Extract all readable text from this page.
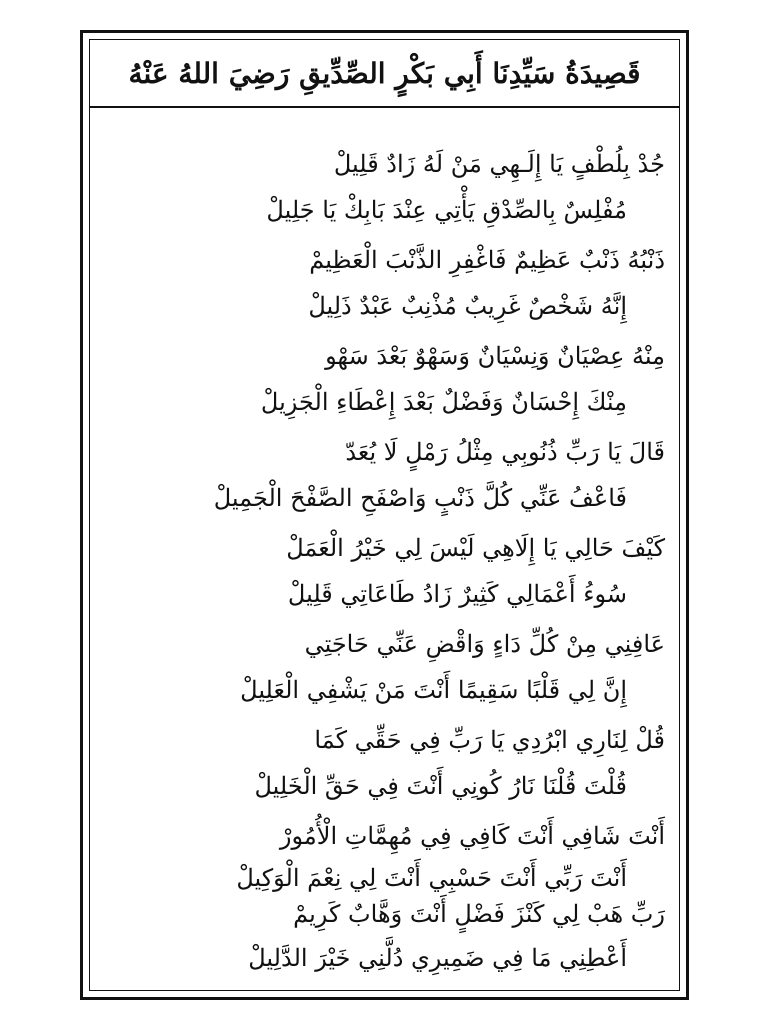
قَصِيدَةُ سَيِّدِنَا أَبِي بَكْرٍ الصِّدِّيقِ رَضِيَ اللهُ عَنْهُ
جُدْ بِلُطْفٍ يَا إِلَـهِي مَنْ لَهُ زَادٌ قَلِيلْ
مُفْلِسٌ بِالصِّدْقِ يَأْتِي عِنْدَ بَابِكْ يَا جَلِيلْ
ذَنْبُهُ ذَنْبٌ عَظِيمٌ فَاغْفِرِ الذَّنْبَ الْعَظِيمْ
إِنَّهُ شَخْصٌ غَرِيبٌ مُذْنِبٌ عَبْدٌ ذَلِيلْ
مِنْهُ عِصْيَانٌ وَنِسْيَانٌ وَسَهْوٌ بَعْدَ سَهْو
مِنْكَ إِحْسَانٌ وَفَضْلٌ بَعْدَ إِعْطَاءِ الْجَزِيلْ
قَالَ يَا رَبِّ ذُنُوبِي مِثْلُ رَمْلٍ لَا يُعَدّ
فَاعْفُ عَنِّي كُلَّ ذَنْبٍ وَاصْفَحِ الصَّفْحَ الْجَمِيلْ
كَيْفَ حَالِي يَا إِلَاهِي لَيْسَ لِي خَيْرُ الْعَمَلْ
سُوءُ أَعْمَالِي كَثِيرٌ زَادُ طَاعَاتِي قَلِيلْ
عَافِنِي مِنْ كُلِّ دَاءٍ وَاقْضِ عَنِّي حَاجَتِي
إِنَّ لِي قَلْبًا سَقِيمًا أَنْتَ مَنْ يَشْفِي الْعَلِيلْ
قُلْ لِنَارِي ابْرُدِي يَا رَبِّ فِي حَقِّي كَمَا
قُلْتَ قُلْنَا نَارُ كُونِي أَنْتَ فِي حَقِّ الْخَلِيلْ
أَنْتَ شَافِي أَنْتَ كَافِي فِي مُهِمَّاتِ الْأُمُورْ
أَنْتَ رَبِّي أَنْتَ حَسْبِي أَنْتَ لِي نِعْمَ الْوَكِيلْ
رَبِّ هَبْ لِي كَنْزَ فَضْلٍ أَنْتَ وَهَّابٌ كَرِيمْ
أَعْطِنِي مَا فِي ضَمِيرِي دُلَّنِي خَيْرَ الدَّلِيلْ
